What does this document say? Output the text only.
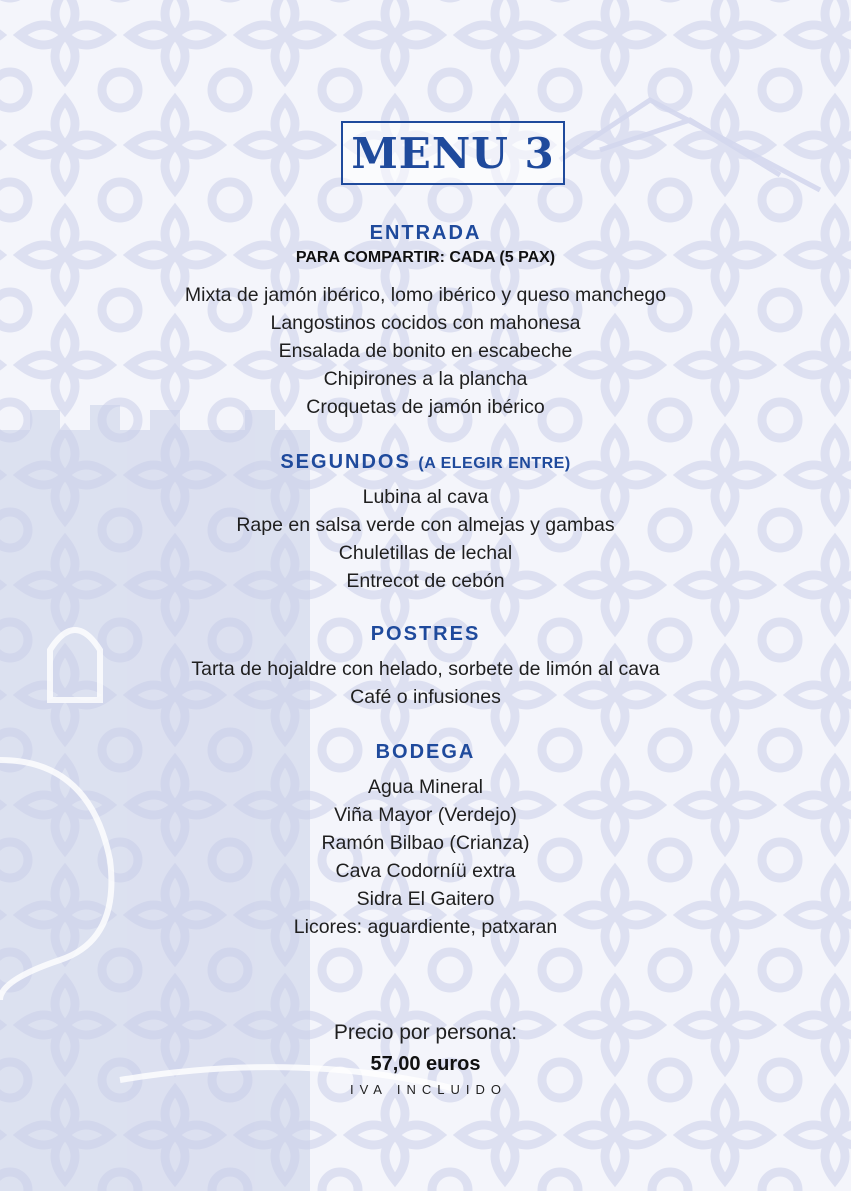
MENU 3
ENTRADA
PARA COMPARTIR: CADA (5 PAX)
Mixta de jamón ibérico, lomo ibérico y queso manchego
Langostinos cocidos con mahonesa
Ensalada de bonito en escabeche
Chipirones a la plancha
Croquetas de jamón ibérico
SEGUNDOS (A ELEGIR ENTRE)
Lubina al cava
Rape en salsa verde con almejas y gambas
Chuletillas de lechal
Entrecot de cebón
POSTRES
Tarta de hojaldre con helado, sorbete de limón al cava
Café o infusiones
BODEGA
Agua Mineral
Viña Mayor (Verdejo)
Ramón Bilbao (Crianza)
Cava Codorníü extra
Sidra El Gaitero
Licores: aguardiente, patxaran
Precio por persona:
57,00 euros
IVA INCLUIDO
